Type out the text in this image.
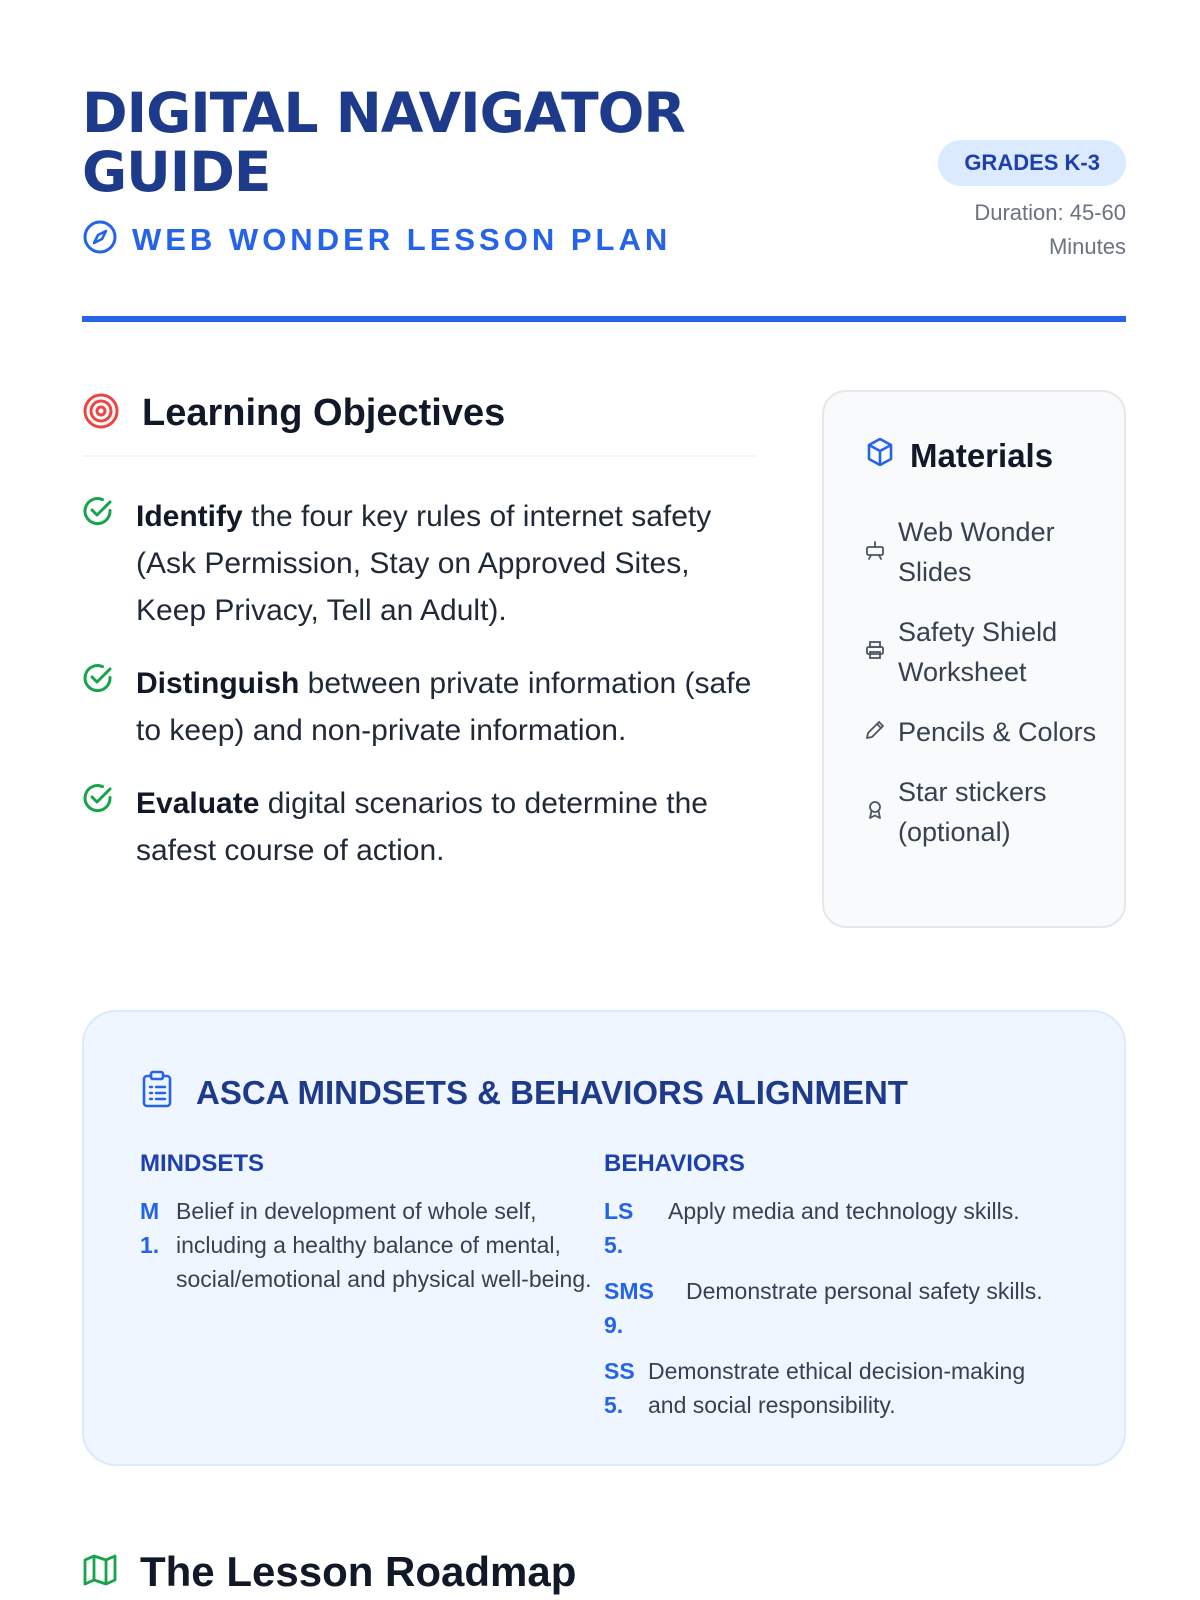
DIGITAL NAVIGATOR GUIDE
WEB WONDER LESSON PLAN
GRADES K-3
Duration: 45-60 Minutes
Learning Objectives

Identify the four key rules of internet safety (Ask Permission, Stay on Approved Sites, Keep Privacy, Tell an Adult).

Distinguish between private information (safe to keep) and non-private information.

Evaluate digital scenarios to determine the safest course of action.

Materials
Web Wonder Slides
Safety Shield Worksheet
Pencils & Colors
Star stickers (optional)
ASCA MINDSETS & BEHAVIORS ALIGNMENT
MINDSETS
M 1.
Belief in development of whole self, including a healthy balance of mental, social/emotional and physical well-being.
BEHAVIORS
LS 5.
Apply media and technology skills.
SMS 9.
Demonstrate personal safety skills.
SS 5.
Demonstrate ethical decision-making and social responsibility.
The Lesson Roadmap
